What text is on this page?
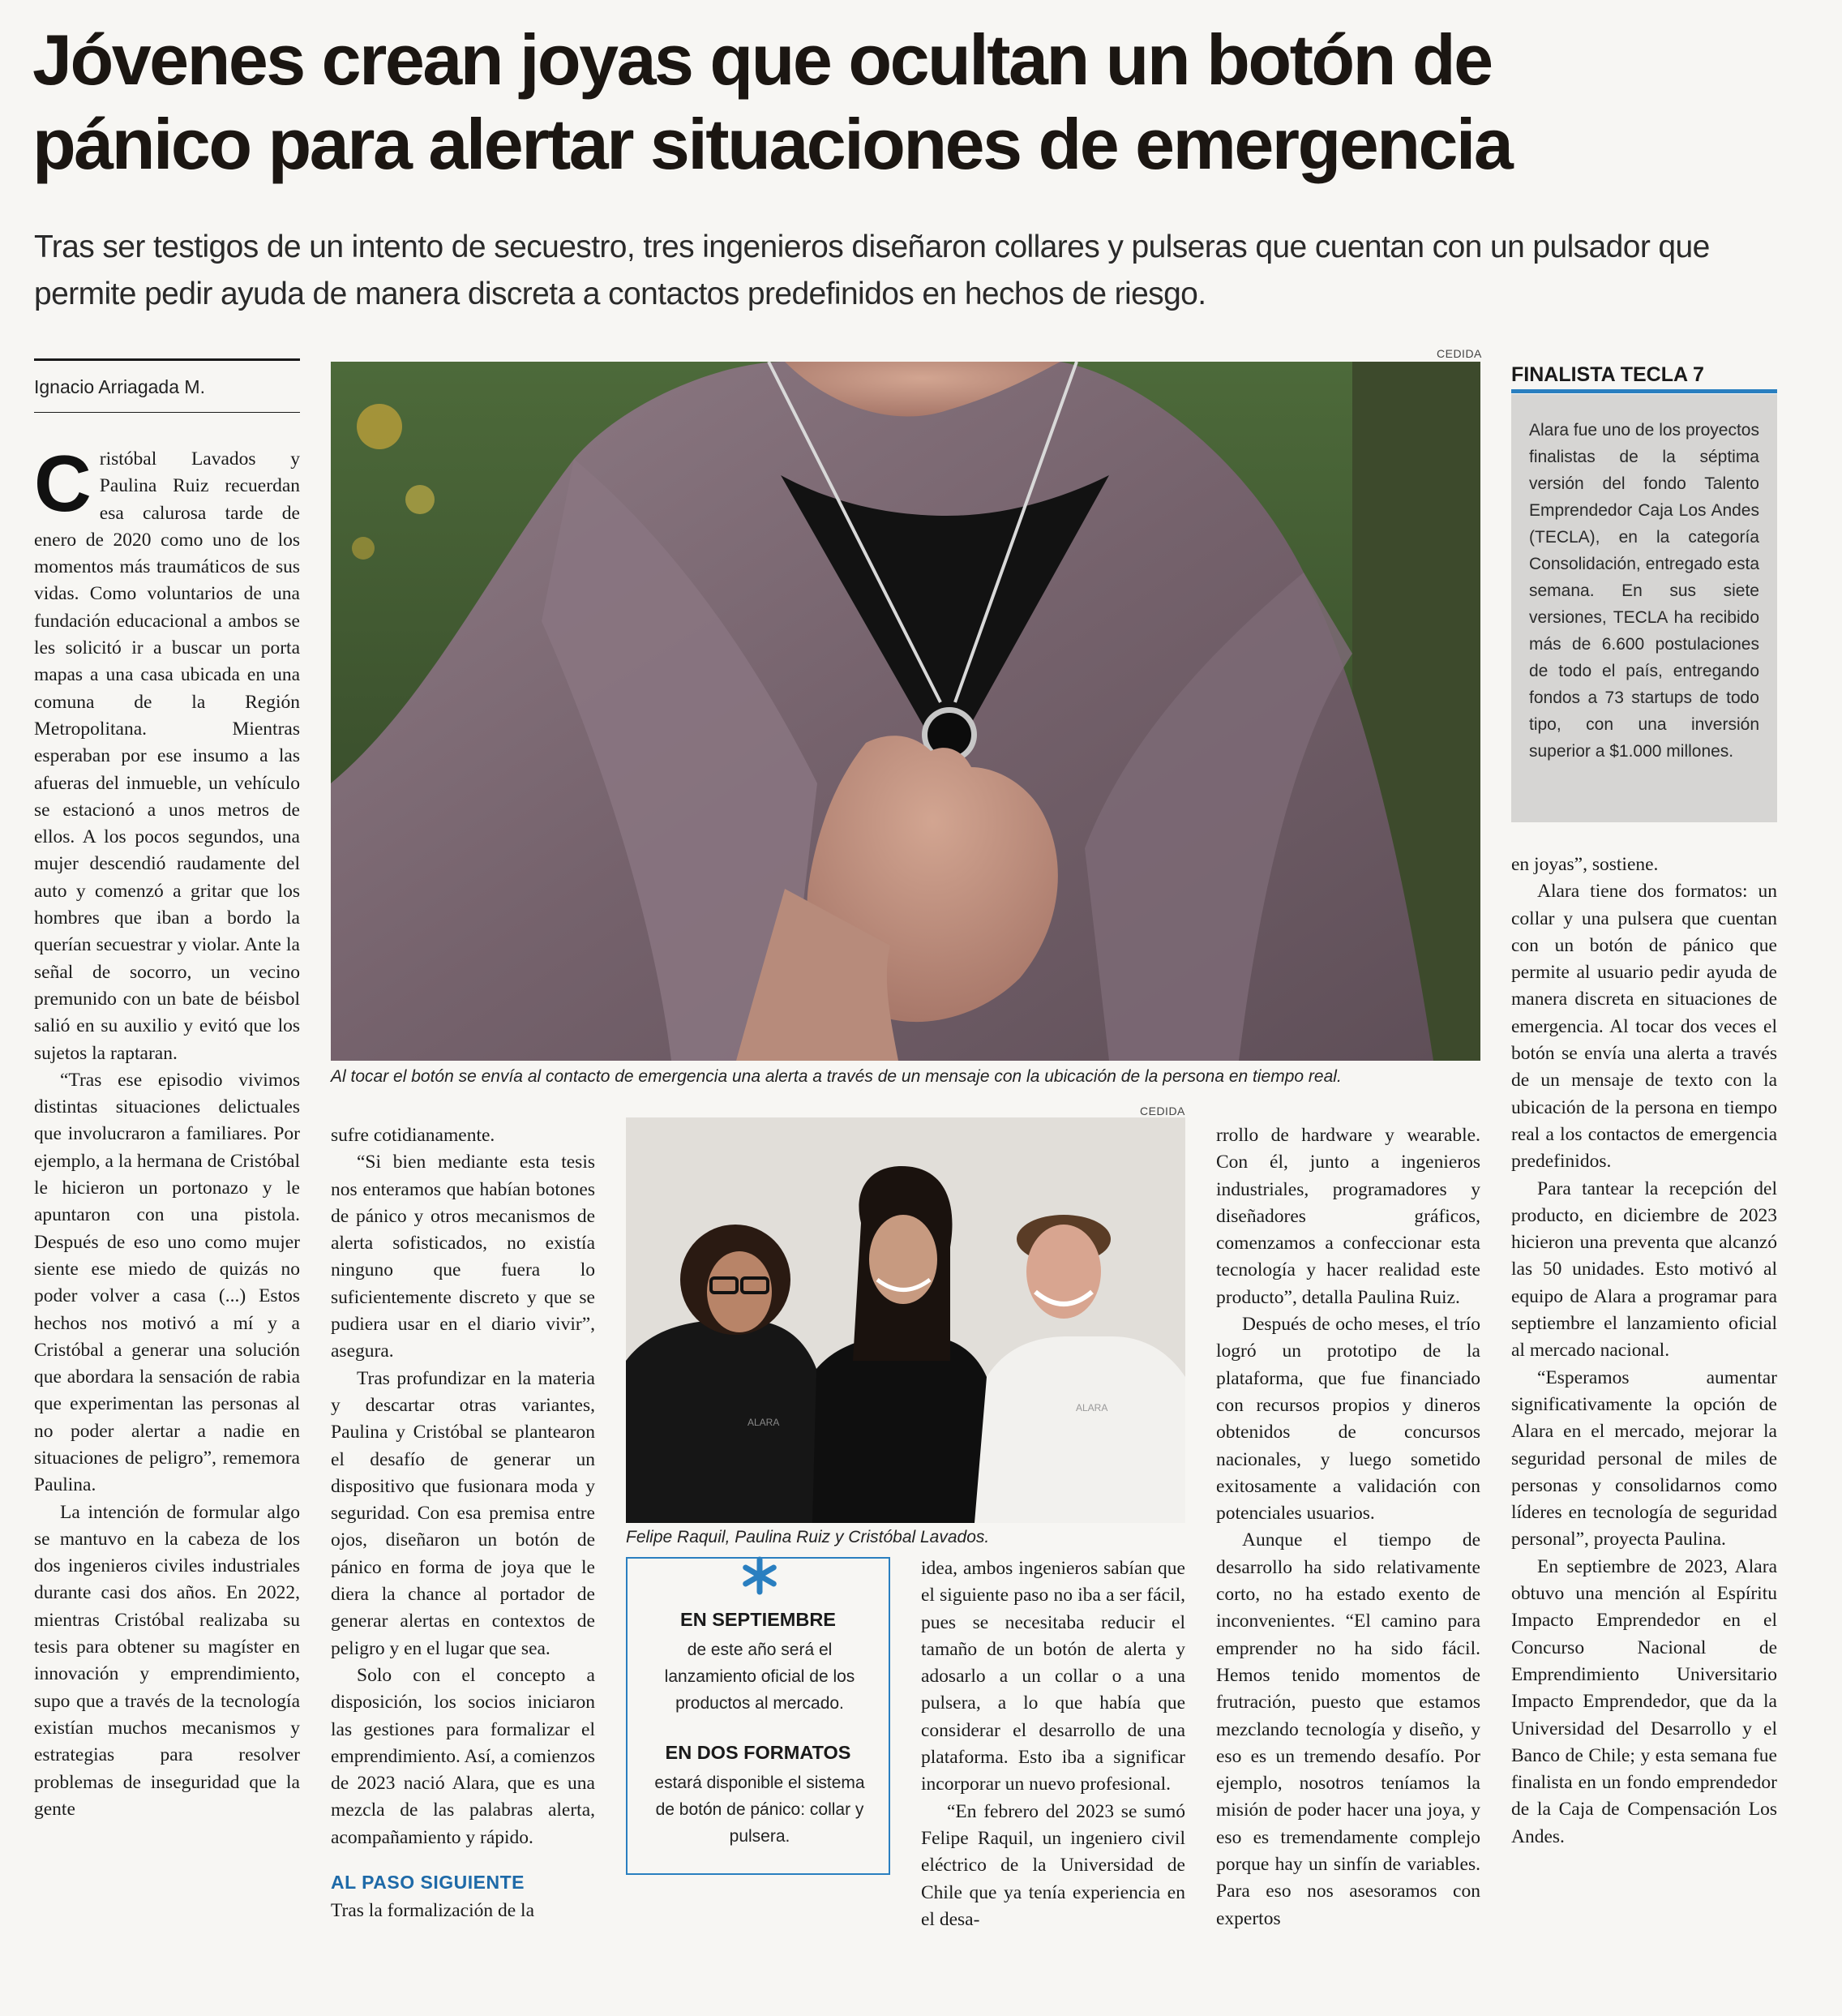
Jóvenes crean joyas que ocultan un botón de
pánico para alertar situaciones de emergencia

Tras ser testigos de un intento de secuestro, tres ingenieros diseñaron collares y pulseras que cuentan con un pulsador que
permite pedir ayuda de manera discreta a contactos predefinidos en hechos de riesgo.

Ignacio Arriagada M.
CEDIDA
Al tocar el botón se envía al contacto de emergencia una alerta a través de un mensaje con la ubicación de la persona en tiempo real.
FINALISTA TECLA 7
Alara fue uno de los proyectos finalistas de la séptima versión del fondo Talento Emprendedor Caja Los Andes (TECLA), en la categoría Consolidación, entregado esta semana. En sus siete versiones, TECLA ha recibido más de 6.600 postulaciones de todo el país, entregando fondos a 73 startups de todo tipo, con una inversión superior a $1.000 millones.

Cristóbal Lavados y Paulina Ruiz recuerdan esa calurosa tarde de enero de 2020 como uno de los momentos más traumáticos de sus vidas. Como voluntarios de una fundación educacional a ambos se les solicitó ir a buscar un porta mapas a una casa ubicada en una comuna de la Región Metropolitana. Mientras esperaban por ese insumo a las afueras del inmueble, un vehículo se estacionó a unos metros de ellos. A los pocos segundos, una mujer descendió raudamente del auto y comenzó a gritar que los hombres que iban a bordo la querían secuestrar y violar. Ante la señal de socorro, un vecino premunido con un bate de béisbol salió en su auxilio y evitó que los sujetos la raptaran.

“Tras ese episodio vivimos distintas situaciones delictuales que involucraron a familiares. Por ejemplo, a la hermana de Cristóbal le hicieron un portonazo y le apuntaron con una pistola. Después de eso uno como mujer siente ese miedo de quizás no poder volver a casa (...) Estos hechos nos motivó a mí y a Cristóbal a generar una solución que abordara la sensación de rabia que experimentan las personas al no poder alertar a nadie en situaciones de peligro”, rememora Paulina.

La intención de formular algo se mantuvo en la cabeza de los dos ingenieros civiles industriales durante casi dos años. En 2022, mientras Cristóbal realizaba su tesis para obtener su magíster en innovación y emprendimiento, supo que a través de la tecnología existían muchos mecanismos y estrategias para resolver problemas de inseguridad que la gente

sufre cotidianamente.

“Si bien mediante esta tesis nos enteramos que habían botones de pánico y otros mecanismos de alerta sofisticados, no existía ninguno que fuera lo suficientemente discreto y que se pudiera usar en el diario vivir”, asegura.

Tras profundizar en la materia y descartar otras variantes, Paulina y Cristóbal se plantearon el desafío de generar un dispositivo que fusionara moda y seguridad. Con esa premisa entre ojos, diseñaron un botón de pánico en forma de joya que le diera la chance al portador de generar alertas en contextos de peligro y en el lugar que sea.

Solo con el concepto a disposición, los socios iniciaron las gestiones para formalizar el emprendimiento. Así, a comienzos de 2023 nació Alara, que es una mezcla de las palabras alerta, acompañamiento y rápido.

AL PASO SIGUIENTE

Tras la formalización de la

CEDIDA
ALARA
ALARA
Felipe Raquil, Paulina Ruiz y Cristóbal Lavados.
EN SEPTIEMBRE
de este año será el lanzamiento oficial de los productos al mercado.
EN DOS FORMATOS
estará disponible el sistema de botón de pánico: collar y pulsera.

idea, ambos ingenieros sabían que el siguiente paso no iba a ser fácil, pues se necesitaba reducir el tamaño de un botón de alerta y adosarlo a un collar o a una pulsera, a lo que había que considerar el desarrollo de una plataforma. Esto iba a significar incorporar un nuevo profesional.

“En febrero del 2023 se sumó Felipe Raquil, un ingeniero civil eléctrico de la Universidad de Chile que ya tenía experiencia en el desa-

rrollo de hardware y wearable. Con él, junto a ingenieros industriales, programadores y diseñadores gráficos, comenzamos a confeccionar esta tecnología y hacer realidad este producto”, detalla Paulina Ruiz.

Después de ocho meses, el trío logró un prototipo de la plataforma, que fue financiado con recursos propios y dineros obtenidos de concursos nacionales, y luego sometido exitosamente a validación con potenciales usuarios.

Aunque el tiempo de desarrollo ha sido relativamente corto, no ha estado exento de inconvenientes. “El camino para emprender no ha sido fácil. Hemos tenido momentos de frutración, puesto que estamos mezclando tecnología y diseño, y eso es un tremendo desafío. Por ejemplo, nosotros teníamos la misión de poder hacer una joya, y eso es tremendamente complejo porque hay un sinfín de variables. Para eso nos asesoramos con expertos

en joyas”, sostiene.

Alara tiene dos formatos: un collar y una pulsera que cuentan con un botón de pánico que permite al usuario pedir ayuda de manera discreta en situaciones de emergencia. Al tocar dos veces el botón se envía una alerta a través de un mensaje de texto con la ubicación de la persona en tiempo real a los contactos de emergencia predefinidos.

Para tantear la recepción del producto, en diciembre de 2023 hicieron una preventa que alcanzó las 50 unidades. Esto motivó al equipo de Alara a programar para septiembre el lanzamiento oficial al mercado nacional.

“Esperamos aumentar significativamente la opción de Alara en el mercado, mejorar la seguridad personal de miles de personas y consolidarnos como líderes en tecnología de seguridad personal”, proyecta Paulina.

En septiembre de 2023, Alara obtuvo una mención al Espíritu Impacto Emprendedor en el Concurso Nacional de Emprendimiento Universitario Impacto Emprendedor, que da la Universidad del Desarrollo y el Banco de Chile; y esta semana fue finalista en un fondo emprendedor de la Caja de Compensación Los Andes.
